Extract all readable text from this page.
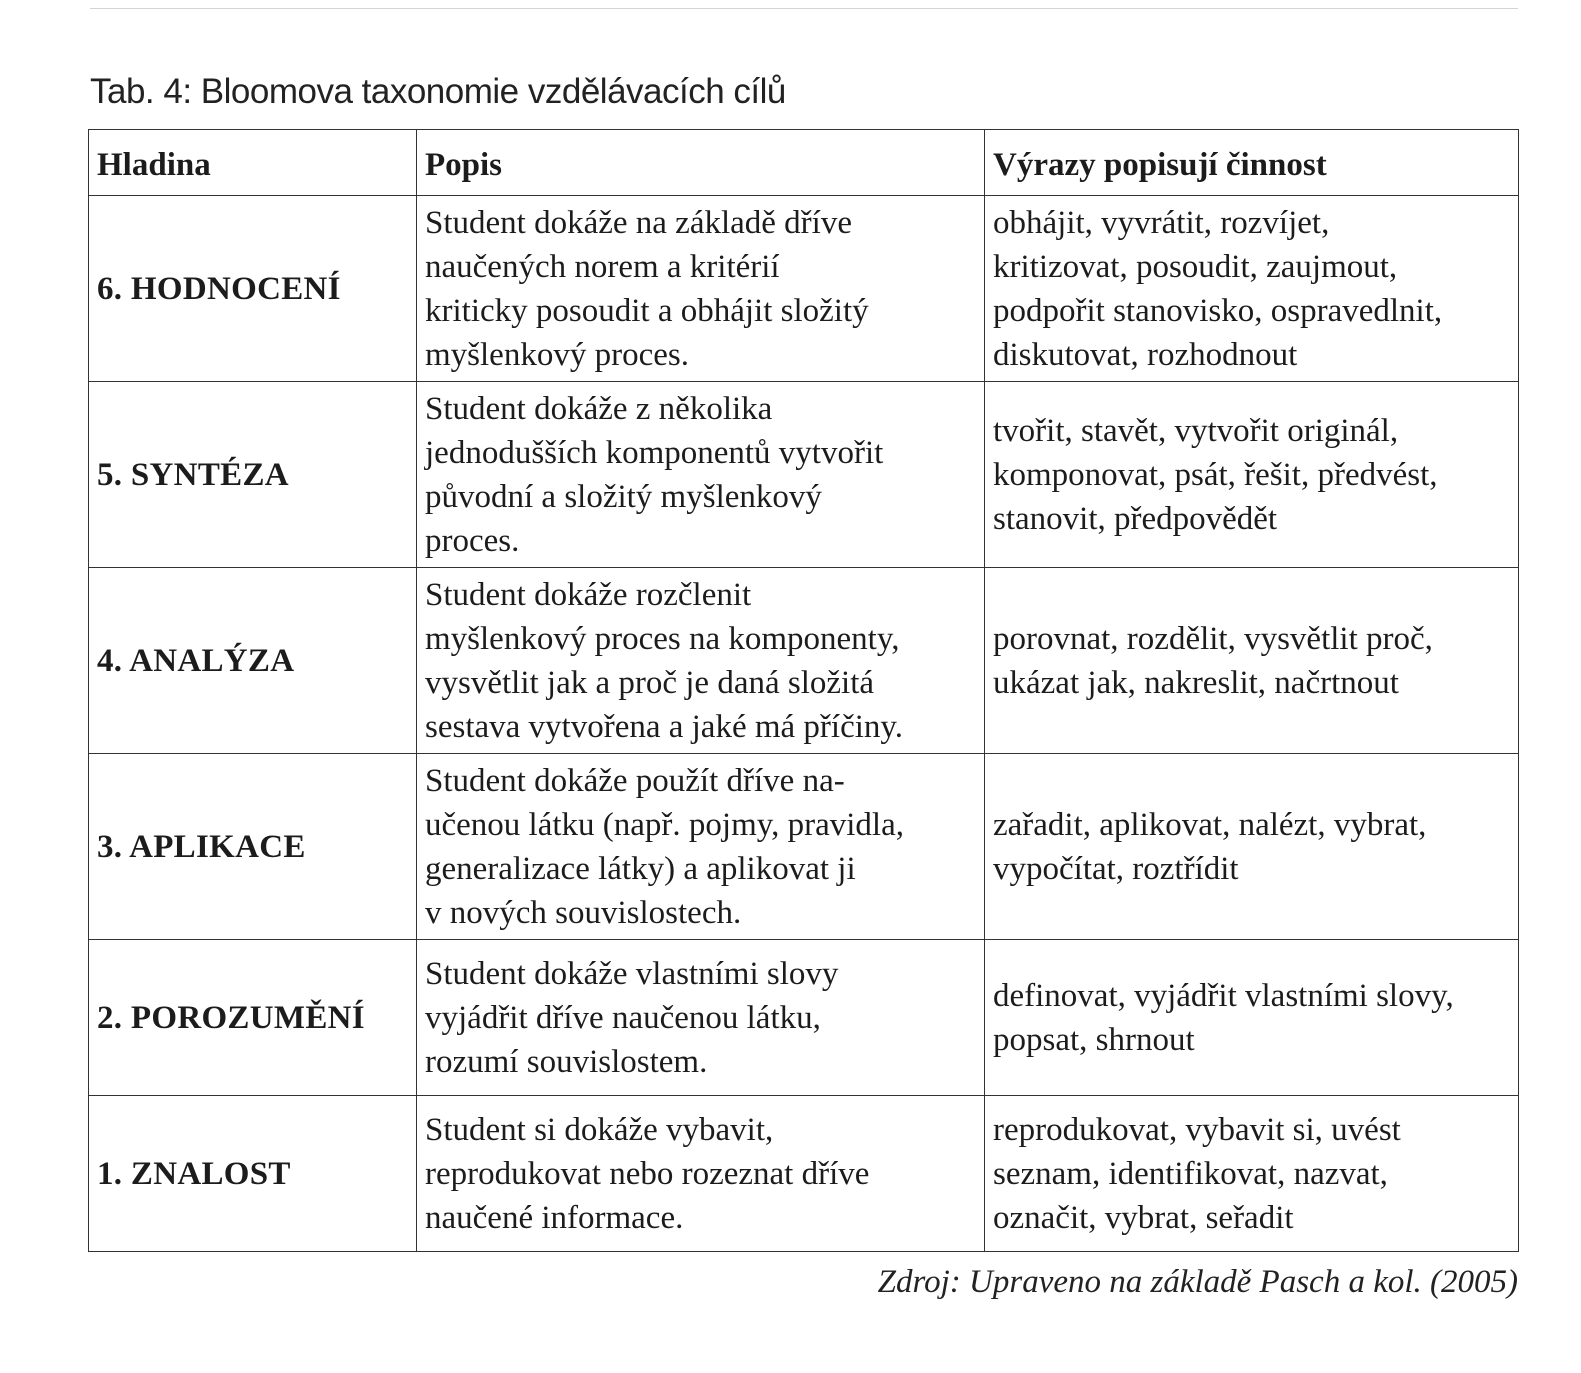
Tab. 4: Bloomova taxonomie vzdělávacích cílů
Hladina	Popis	Výrazy popisují činnost
6. HODNOCENÍ	Student dokáže na základě dříve
naučených norem a kritérií
kriticky posoudit a obhájit složitý
myšlenkový proces.	obhájit, vyvrátit, rozvíjet,
kritizovat, posoudit, zaujmout,
podpořit stanovisko, ospravedlnit,
diskutovat, rozhodnout

5. SYNTÉZA	Student dokáže z několika
jednodušších komponentů vytvořit
původní a složitý myšlenkový
proces.	tvořit, stavět, vytvořit originál,
komponovat, psát, řešit, předvést,
stanovit, předpovědět

4. ANALÝZA	Student dokáže rozčlenit
myšlenkový proces na komponenty,
vysvětlit jak a proč je daná složitá
sestava vytvořena a jaké má příčiny.	porovnat, rozdělit, vysvětlit proč,
ukázat jak, nakreslit, načrtnout

3. APLIKACE	Student dokáže použít dříve na-
učenou látku (např. pojmy, pravidla,
generalizace látky) a aplikovat ji
v nových souvislostech.	zařadit, aplikovat, nalézt, vybrat,
vypočítat, roztřídit

2. POROZUMĚNÍ	Student dokáže vlastními slovy
vyjádřit dříve naučenou látku,
rozumí souvislostem.	definovat, vyjádřit vlastními slovy,
popsat, shrnout

1. ZNALOST	Student si dokáže vybavit,
reprodukovat nebo rozeznat dříve
naučené informace.	reprodukovat, vybavit si, uvést
seznam, identifikovat, nazvat,
označit, vybrat, seřadit
Zdroj: Upraveno na základě Pasch a kol. (2005)
